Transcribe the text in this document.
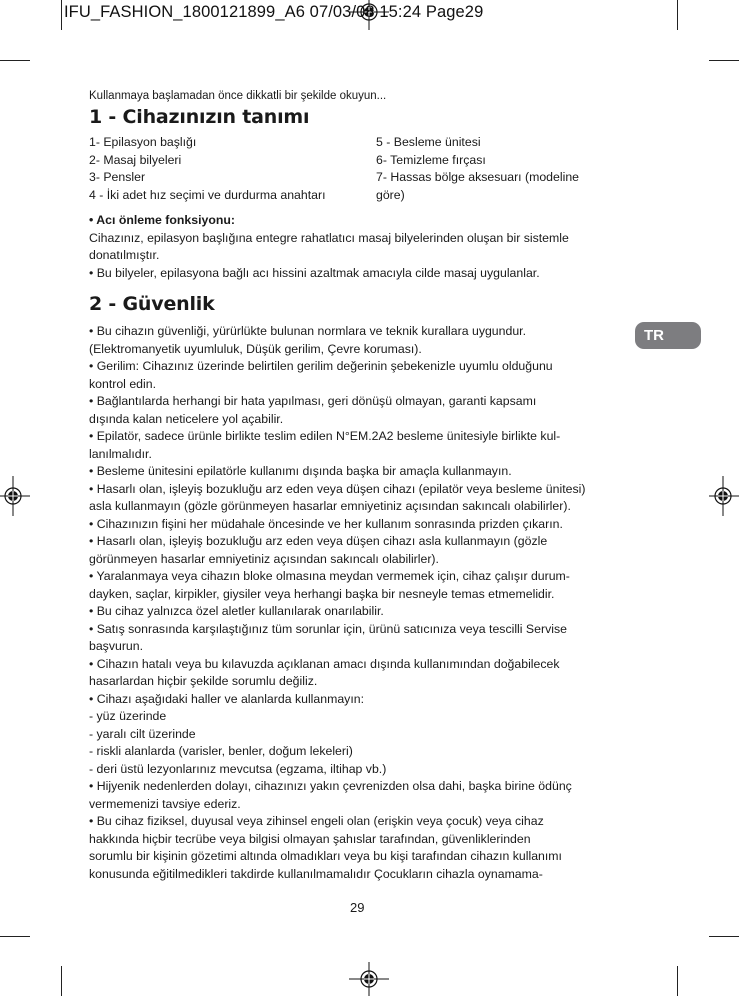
IFU_FASHION_1800121899_A6 07/03/08 15:24 Page29
Kullanmaya başlamadan önce dikkatli bir şekilde okuyun...
1 - Cihazınızın tanımı
1- Epilasyon başlığı
2- Masaj bilyeleri
3- Pensler
4 - İki adet hız seçimi ve durdurma anahtarı
5 - Besleme ünitesi
6- Temizleme fırçası
7- Hassas bölge aksesuarı (modeline
göre)

• Acı önleme fonksiyonu:

Cihazınız, epilasyon başlığına entegre rahatlatıcı masaj bilyelerinden oluşan bir sistemle

donatılmıştır.

• Bu bilyeler, epilasyona bağlı acı hissini azaltmak amacıyla cilde masaj uygulanlar.

2 - Güvenlik
TR

• Bu cihazın güvenliği, yürürlükte bulunan normlara ve teknik kurallara uygundur.

(Elektromanyetik uyumluluk, Düşük gerilim, Çevre koruması).

• Gerilim: Cihazınız üzerinde belirtilen gerilim değerinin şebekenizle uyumlu olduğunu

kontrol edin.

• Bağlantılarda herhangi bir hata yapılması, geri dönüşü olmayan, garanti kapsamı

dışında kalan neticelere yol açabilir.

• Epilatör, sadece ürünle birlikte teslim edilen N°EM.2A2 besleme ünitesiyle birlikte kul-

lanılmalıdır.

• Besleme ünitesini epilatörle kullanımı dışında başka bir amaçla kullanmayın.

• Hasarlı olan, işleyiş bozukluğu arz eden veya düşen cihazı (epilatör veya besleme ünitesi)

asla kullanmayın (gözle görünmeyen hasarlar emniyetiniz açısından sakıncalı olabilirler).

• Cihazınızın fişini her müdahale öncesinde ve her kullanım sonrasında prizden çıkarın.

• Hasarlı olan, işleyiş bozukluğu arz eden veya düşen cihazı asla kullanmayın (gözle

görünmeyen hasarlar emniyetiniz açısından sakıncalı olabilirler).

• Yaralanmaya veya cihazın bloke olmasına meydan vermemek için, cihaz çalışır durum-

dayken, saçlar, kirpikler, giysiler veya herhangi başka bir nesneyle temas etmemelidir.

• Bu cihaz yalnızca özel aletler kullanılarak onarılabilir.

• Satış sonrasında karşılaştığınız tüm sorunlar için, ürünü satıcınıza veya tescilli Servise

başvurun.

• Cihazın hatalı veya bu kılavuzda açıklanan amacı dışında kullanımından doğabilecek

hasarlardan hiçbir şekilde sorumlu değiliz.

• Cihazı aşağıdaki haller ve alanlarda kullanmayın:

- yüz üzerinde

- yaralı cilt üzerinde

- riskli alanlarda (varisler, benler, doğum lekeleri)

- deri üstü lezyonlarınız mevcutsa (egzama, iltihap vb.)

• Hijyenik nedenlerden dolayı, cihazınızı yakın çevrenizden olsa dahi, başka birine ödünç

vermemenizi tavsiye ederiz.

• Bu cihaz fiziksel, duyusal veya zihinsel engeli olan (erişkin veya çocuk) veya cihaz

hakkında hiçbir tecrübe veya bilgisi olmayan şahıslar tarafından, güvenliklerinden

sorumlu bir kişinin gözetimi altında olmadıkları veya bu kişi tarafından cihazın kullanımı

konusunda eğitilmedikleri takdirde kullanılmamalıdır Çocukların cihazla oynamama-

29
